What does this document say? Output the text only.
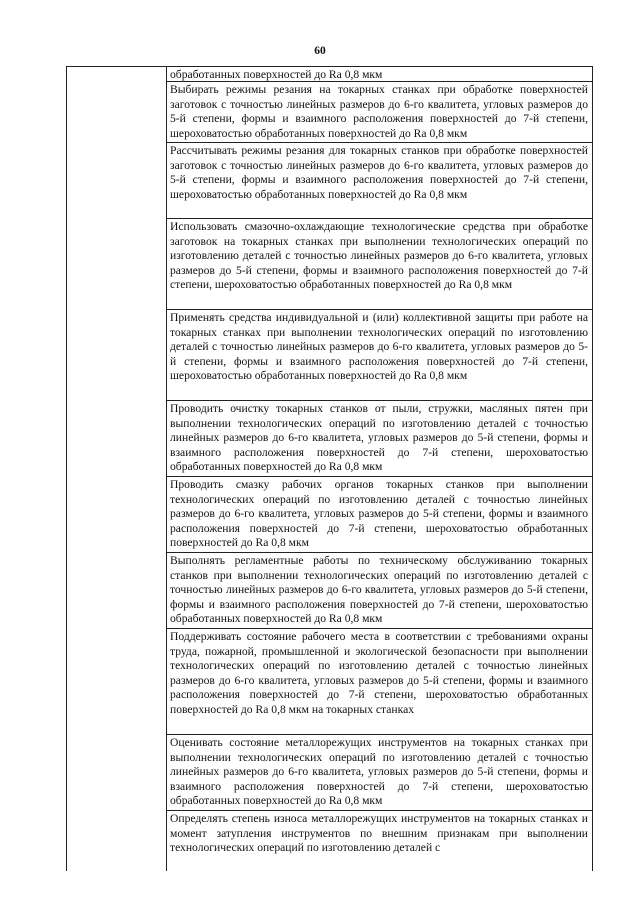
60
обработанных поверхностей до Ra 0,8 мкм
Выбирать режимы резания на токарных станках при обработке поверхностей заготовок с точностью линейных размеров до 6-го квалитета, угловых размеров до 5-й степени, формы и взаимного расположения поверхностей до 7-й степени, шероховатостью обработанных поверхностей до Ra 0,8 мкм
Рассчитывать режимы резания для токарных станков при обработке поверхностей заготовок с точностью линейных размеров до 6-го квалитета, угловых размеров до 5-й степени, формы и взаимного расположения поверхностей до 7-й степени, шероховатостью обработанных поверхностей до Ra 0,8 мкм
Использовать смазочно-охлаждающие технологические средства при обработке заготовок на токарных станках при выполнении технологических операций по изготовлению деталей с точностью линейных размеров до 6-го квалитета, угловых размеров до 5-й степени, формы и взаимного расположения поверхностей до 7-й степени, шероховатостью обработанных поверхностей до Ra 0,8 мкм
Применять средства индивидуальной и (или) коллективной защиты при работе на токарных станках при выполнении технологических операций по изготовлению деталей с точностью линейных размеров до 6-го квалитета, угловых размеров до 5-й степени, формы и взаимного расположения поверхностей до 7-й степени, шероховатостью обработанных поверхностей до Ra 0,8 мкм
Проводить очистку токарных станков от пыли, стружки, масляных пятен при выполнении технологических операций по изготовлению деталей с точностью линейных размеров до 6-го квалитета, угловых размеров до 5-й степени, формы и взаимного расположения поверхностей до 7-й степени, шероховатостью обработанных поверхностей до Ra 0,8 мкм
Проводить смазку рабочих органов токарных станков при выполнении технологических операций по изготовлению деталей с точностью линейных размеров до 6-го квалитета, угловых размеров до 5-й степени, формы и взаимного расположения поверхностей до 7-й степени, шероховатостью обработанных поверхностей до Ra 0,8 мкм
Выполнять регламентные работы по техническому обслуживанию токарных станков при выполнении технологических операций по изготовлению деталей с точностью линейных размеров до 6-го квалитета, угловых размеров до 5-й степени, формы и взаимного расположения поверхностей до 7-й степени, шероховатостью обработанных поверхностей до Ra 0,8 мкм
Поддерживать состояние рабочего места в соответствии с требованиями охраны труда, пожарной, промышленной и экологической безопасности при выполнении технологических операций по изготовлению деталей с точностью линейных размеров до 6-го квалитета, угловых размеров до 5-й степени, формы и взаимного расположения поверхностей до 7-й степени, шероховатостью обработанных поверхностей до Ra 0,8 мкм на токарных станках
Оценивать состояние металлорежущих инструментов на токарных станках при выполнении технологических операций по изготовлению деталей с точностью линейных размеров до 6-го квалитета, угловых размеров до 5-й степени, формы и взаимного расположения поверхностей до 7-й степени, шероховатостью обработанных поверхностей до Ra 0,8 мкм
Определять степень износа металлорежущих инструментов на токарных станках и момент затупления инструментов по внешним признакам при выполнении технологических операций по изготовлению деталей с
